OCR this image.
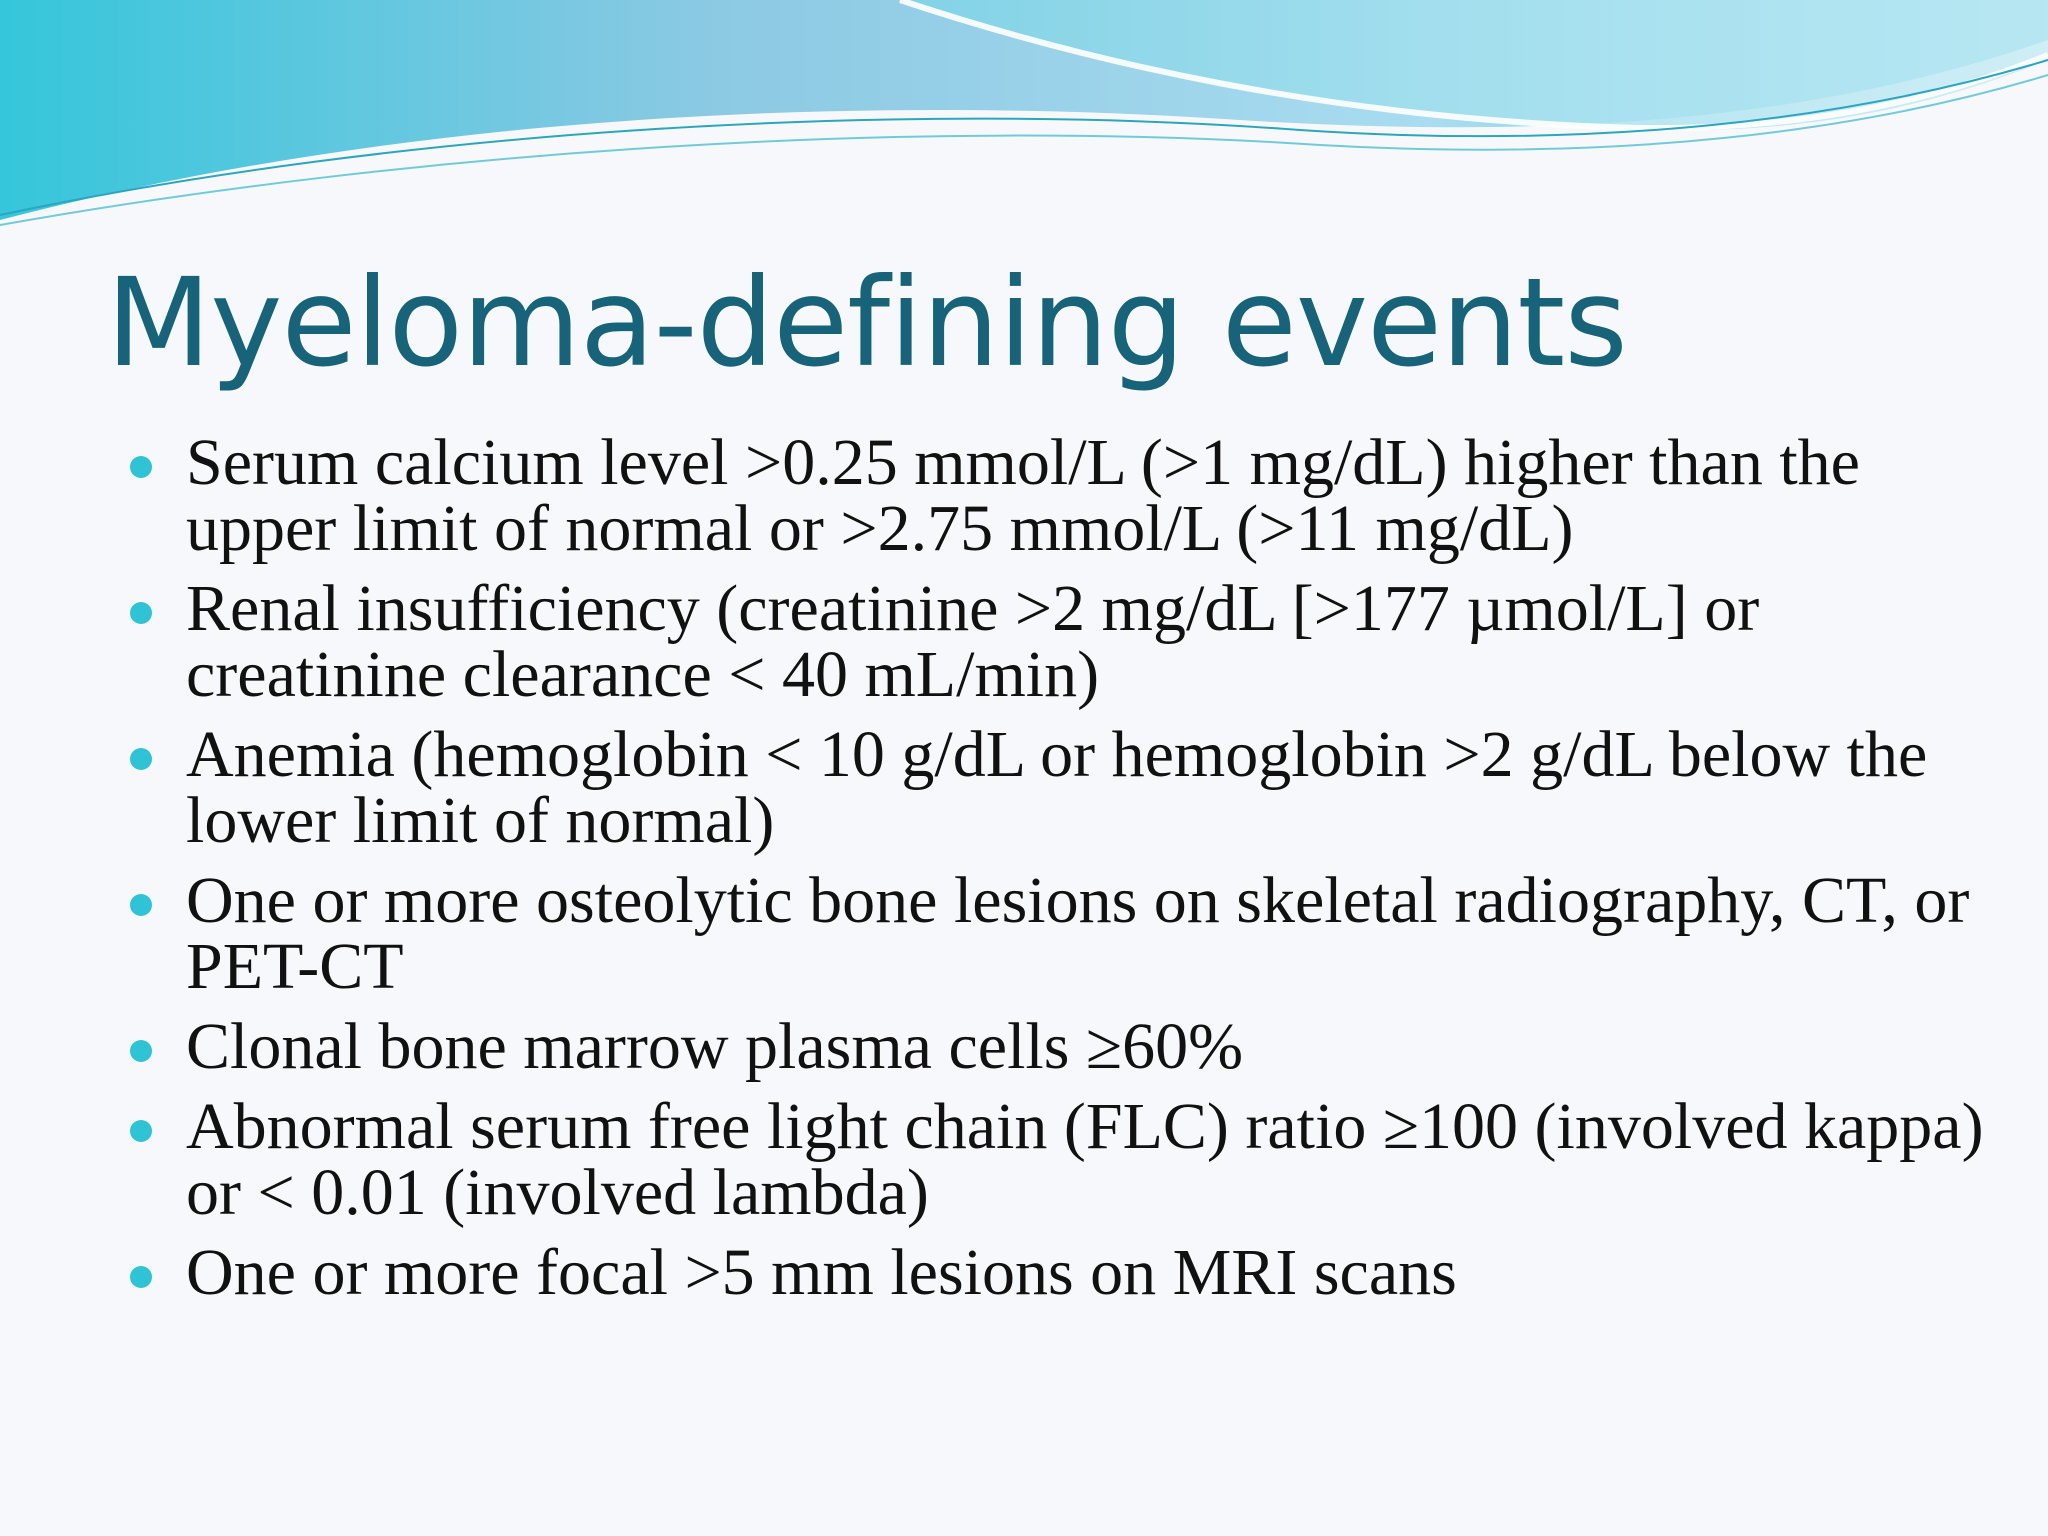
Myeloma-defining events
Serum calcium level >0.25 mmol/L (>1 mg/dL) higher than the upper limit of normal or >2.75 mmol/L (>11 mg/dL)
Renal insufficiency (creatinine >2 mg/dL [>177 µmol/L] or creatinine clearance < 40 mL/min)
Anemia (hemoglobin < 10 g/dL or hemoglobin >2 g/dL below the lower limit of normal)
One or more osteolytic bone lesions on skeletal radiography, CT, or PET-CT
Clonal bone marrow plasma cells ≥60%
Abnormal serum free light chain (FLC) ratio ≥100 (involved kappa) or < 0.01 (involved lambda)
One or more focal >5 mm lesions on MRI scans
